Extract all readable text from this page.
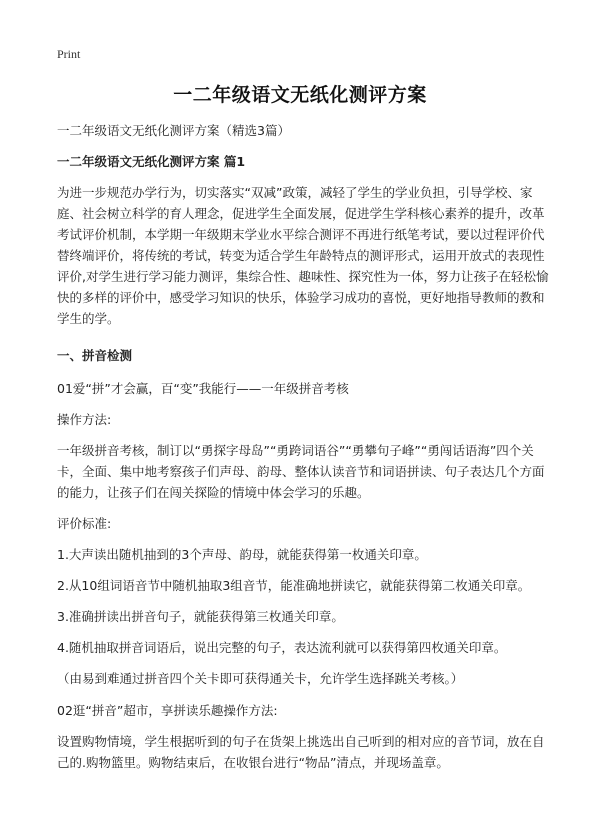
Print
一二年级语文无纸化测评方案

一二年级语文无纸化测评方案（精选3篇）

一二年级语文无纸化测评方案 篇1

为进一步规范办学行为，切实落实“双减”政策，减轻了学生的学业负担，引导学校、家庭、社会树立科学的育人理念，促进学生全面发展，促进学生学科核心素养的提升，改革考试评价机制，本学期一年级期末学业水平综合测评不再进行纸笔考试，要以过程评价代替终端评价，将传统的考试，转变为适合学生年龄特点的测评形式，运用开放式的表现性评价,对学生进行学习能力测评，集综合性、趣味性、探究性为一体，努力让孩子在轻松愉快的多样的评价中，感受学习知识的快乐，体验学习成功的喜悦，更好地指导教师的教和学生的学。

一、拼音检测

01爱“拼”才会赢，百“变”我能行——一年级拼音考核

操作方法:

一年级拼音考核，制订以“勇探字母岛”“勇跨词语谷”“勇攀句子峰”“勇闯话语海”四个关卡，全面、集中地考察孩子们声母、韵母、整体认读音节和词语拼读、句子表达几个方面的能力，让孩子们在闯关探险的情境中体会学习的乐趣。

评价标准:

1.大声读出随机抽到的3个声母、韵母，就能获得第一枚通关印章。

2.从10组词语音节中随机抽取3组音节，能准确地拼读它，就能获得第二枚通关印章。

3.准确拼读出拼音句子，就能获得第三枚通关印章。

4.随机抽取拼音词语后，说出完整的句子，表达流利就可以获得第四枚通关印章。

（由易到难通过拼音四个关卡即可获得通关卡，允许学生选择跳关考核。）

02逛“拼音”超市，享拼读乐趣操作方法:

设置购物情境，学生根据听到的句子在货架上挑选出自己听到的相对应的音节词，放在自己的.购物篮里。购物结束后，在收银台进行“物品”清点，并现场盖章。
